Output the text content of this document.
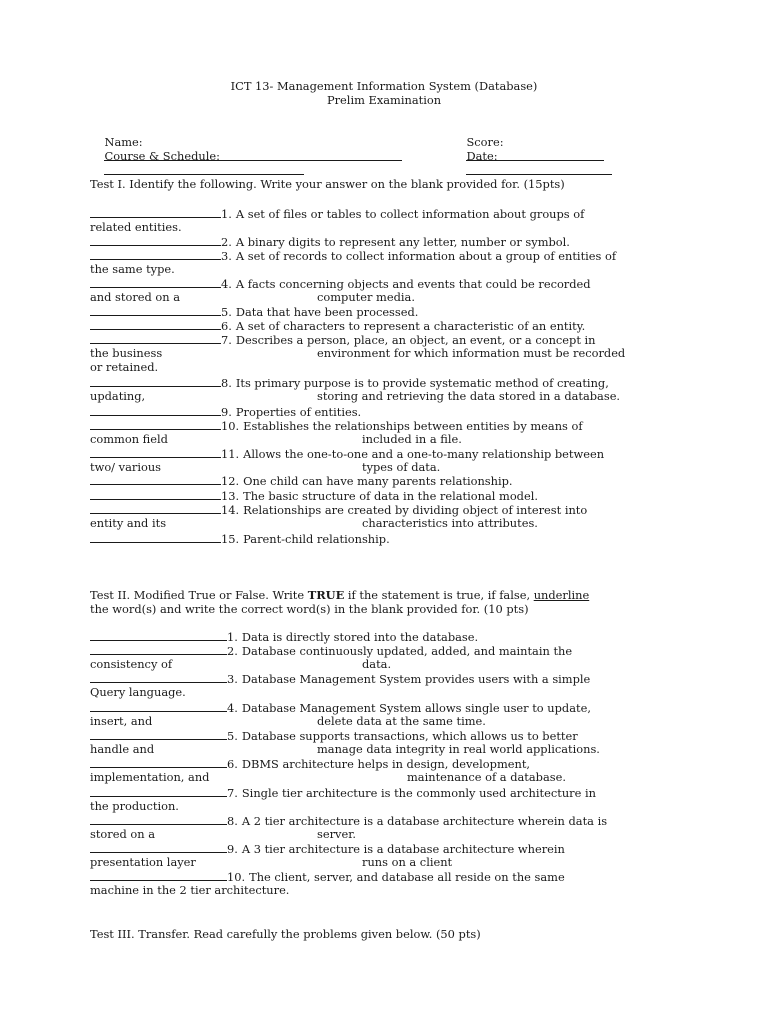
ICT 13- Management Information System (Database)
Prelim Examination

Name:

	Score:

Course & Schedule:

	Date:

Test I. Identify the following. Write your answer on the blank provided for. (15pts)
1. A set of files or tables to collect information about groups of
related entities.
2. A binary digits to represent any letter, number or symbol.
3. A set of records to collect information about a group of entities of
the same type.
4. A facts concerning objects and events that could be recorded
and stored on a	computer media.
5. Data that have been processed.
6. A set of characters to represent a characteristic of an entity.
7. Describes a person, place, an object, an event, or a concept in
the business	environment for which information must be recorded
or retained.
8. Its primary purpose is to provide systematic method of creating,
updating,	storing and retrieving the data stored in a database.
9. Properties of entities.
10. Establishes the relationships between entities by means of
common field	included in a file.
11. Allows the one-to-one and a one-to-many relationship between
two/ various	types of data.
12. One child can have many parents relationship.
13. The basic structure of data in the relational model.
14. Relationships are created by dividing object of interest into
entity and its	characteristics into attributes.
15. Parent-child relationship.
Test II. Modified True or False. Write TRUE if the statement is true, if false, underline
the word(s) and write the correct word(s) in the blank provided for. (10 pts)
1. Data is directly stored into the database.
2. Database continuously updated, added, and maintain the
consistency of	data.
3. Database Management System provides users with a simple
Query language.
4. Database Management System allows single user to update,
insert, and	delete data at the same time.
5. Database supports transactions, which allows us to better
handle and	manage data integrity in real world applications.
6. DBMS architecture helps in design, development,
implementation, and	maintenance of a database.
7. Single tier architecture is the commonly used architecture in
the production.
8. A 2 tier architecture is a database architecture wherein data is
stored on a	server.
9. A 3 tier architecture is a database architecture wherein
presentation layer	runs on a client
10. The client, server, and database all reside on the same
machine in the 2 tier architecture.
Test III. Transfer. Read carefully the problems given below. (50 pts)
